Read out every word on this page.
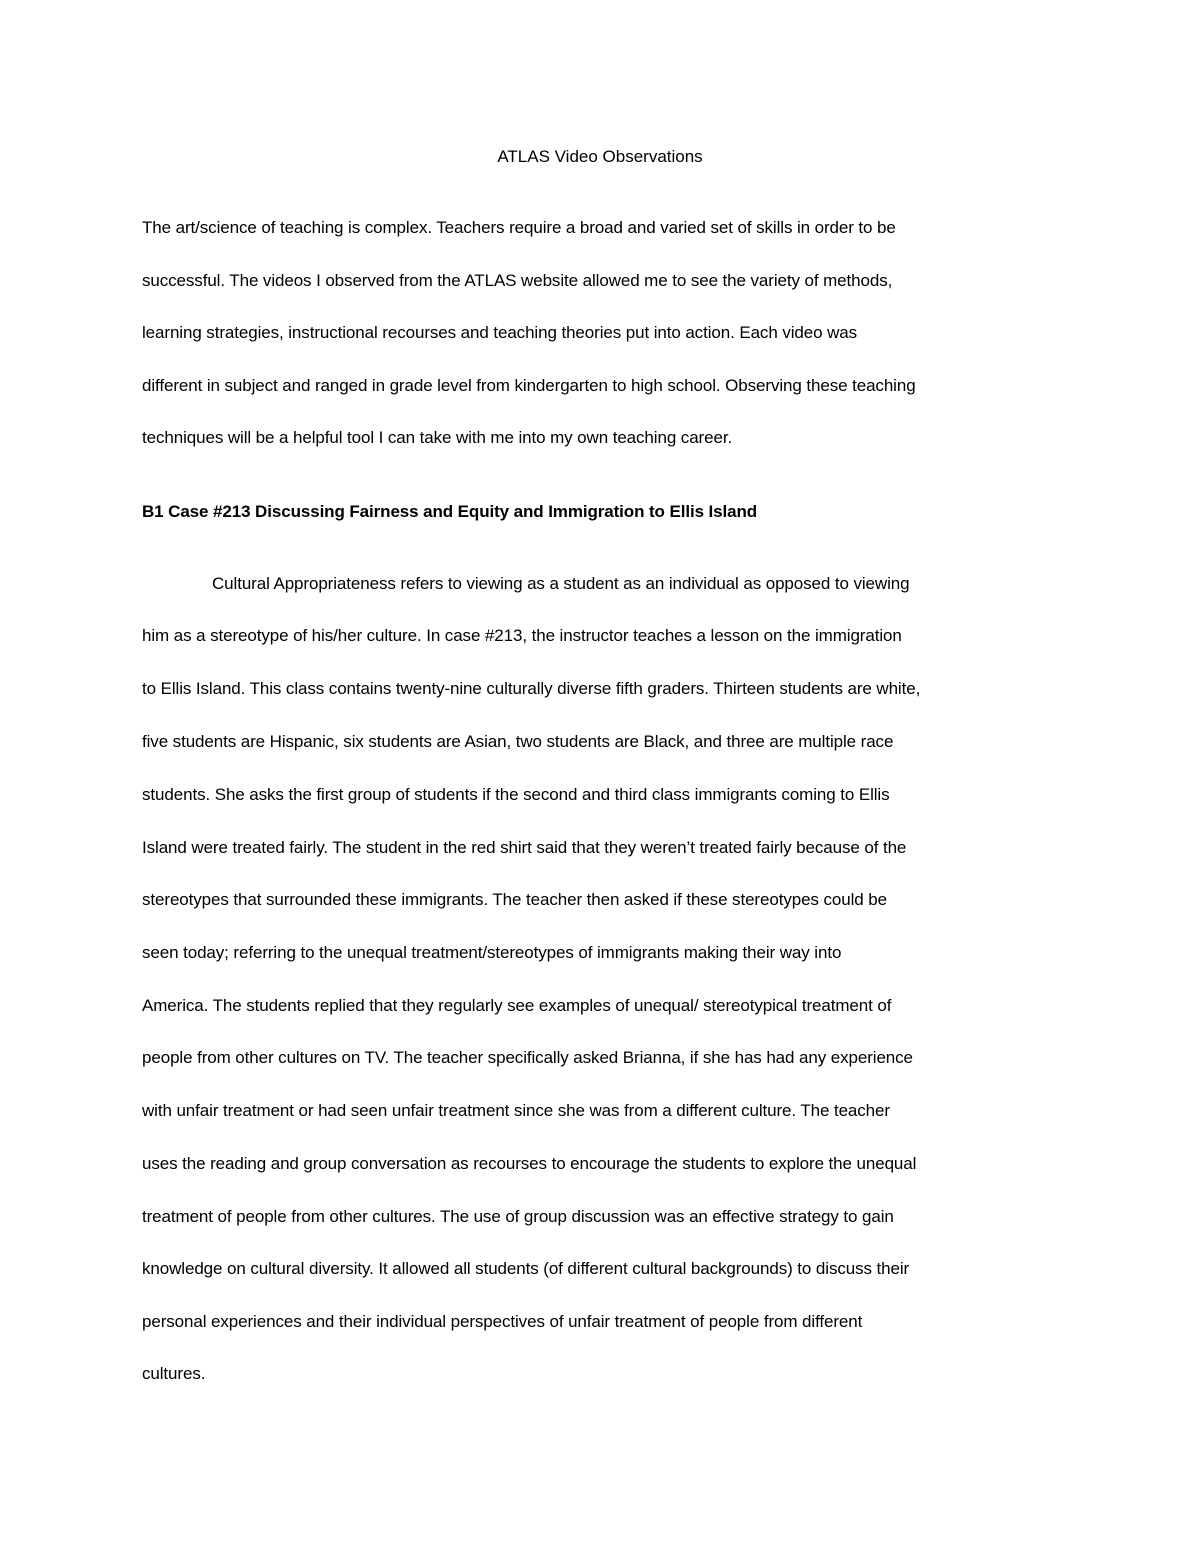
ATLAS Video Observations

The art/science of teaching is complex. Teachers require a broad and varied set of skills in order to be

successful. The videos I observed from the ATLAS website allowed me to see the variety of methods,

learning strategies, instructional recourses and teaching theories put into action. Each video was

different in subject and ranged in grade level from kindergarten to high school. Observing these teaching

techniques will be a helpful tool I can take with me into my own teaching career.

B1 Case #213 Discussing Fairness and Equity and Immigration to Ellis Island

Cultural Appropriateness refers to viewing as a student as an individual as opposed to viewing

him as a stereotype of his/her culture. In case #213, the instructor teaches a lesson on the immigration

to Ellis Island. This class contains twenty-nine culturally diverse fifth graders. Thirteen students are white,

five students are Hispanic, six students are Asian, two students are Black, and three are multiple race

students. She asks the first group of students if the second and third class immigrants coming to Ellis

Island were treated fairly. The student in the red shirt said that they weren’t treated fairly because of the

stereotypes that surrounded these immigrants. The teacher then asked if these stereotypes could be

seen today; referring to the unequal treatment/stereotypes of immigrants making their way into

America. The students replied that they regularly see examples of unequal/ stereotypical treatment of

people from other cultures on TV. The teacher specifically asked Brianna, if she has had any experience

with unfair treatment or had seen unfair treatment since she was from a different culture. The teacher

uses the reading and group conversation as recourses to encourage the students to explore the unequal

treatment of people from other cultures. The use of group discussion was an effective strategy to gain

knowledge on cultural diversity. It allowed all students (of different cultural backgrounds) to discuss their

personal experiences and their individual perspectives of unfair treatment of people from different

cultures.
